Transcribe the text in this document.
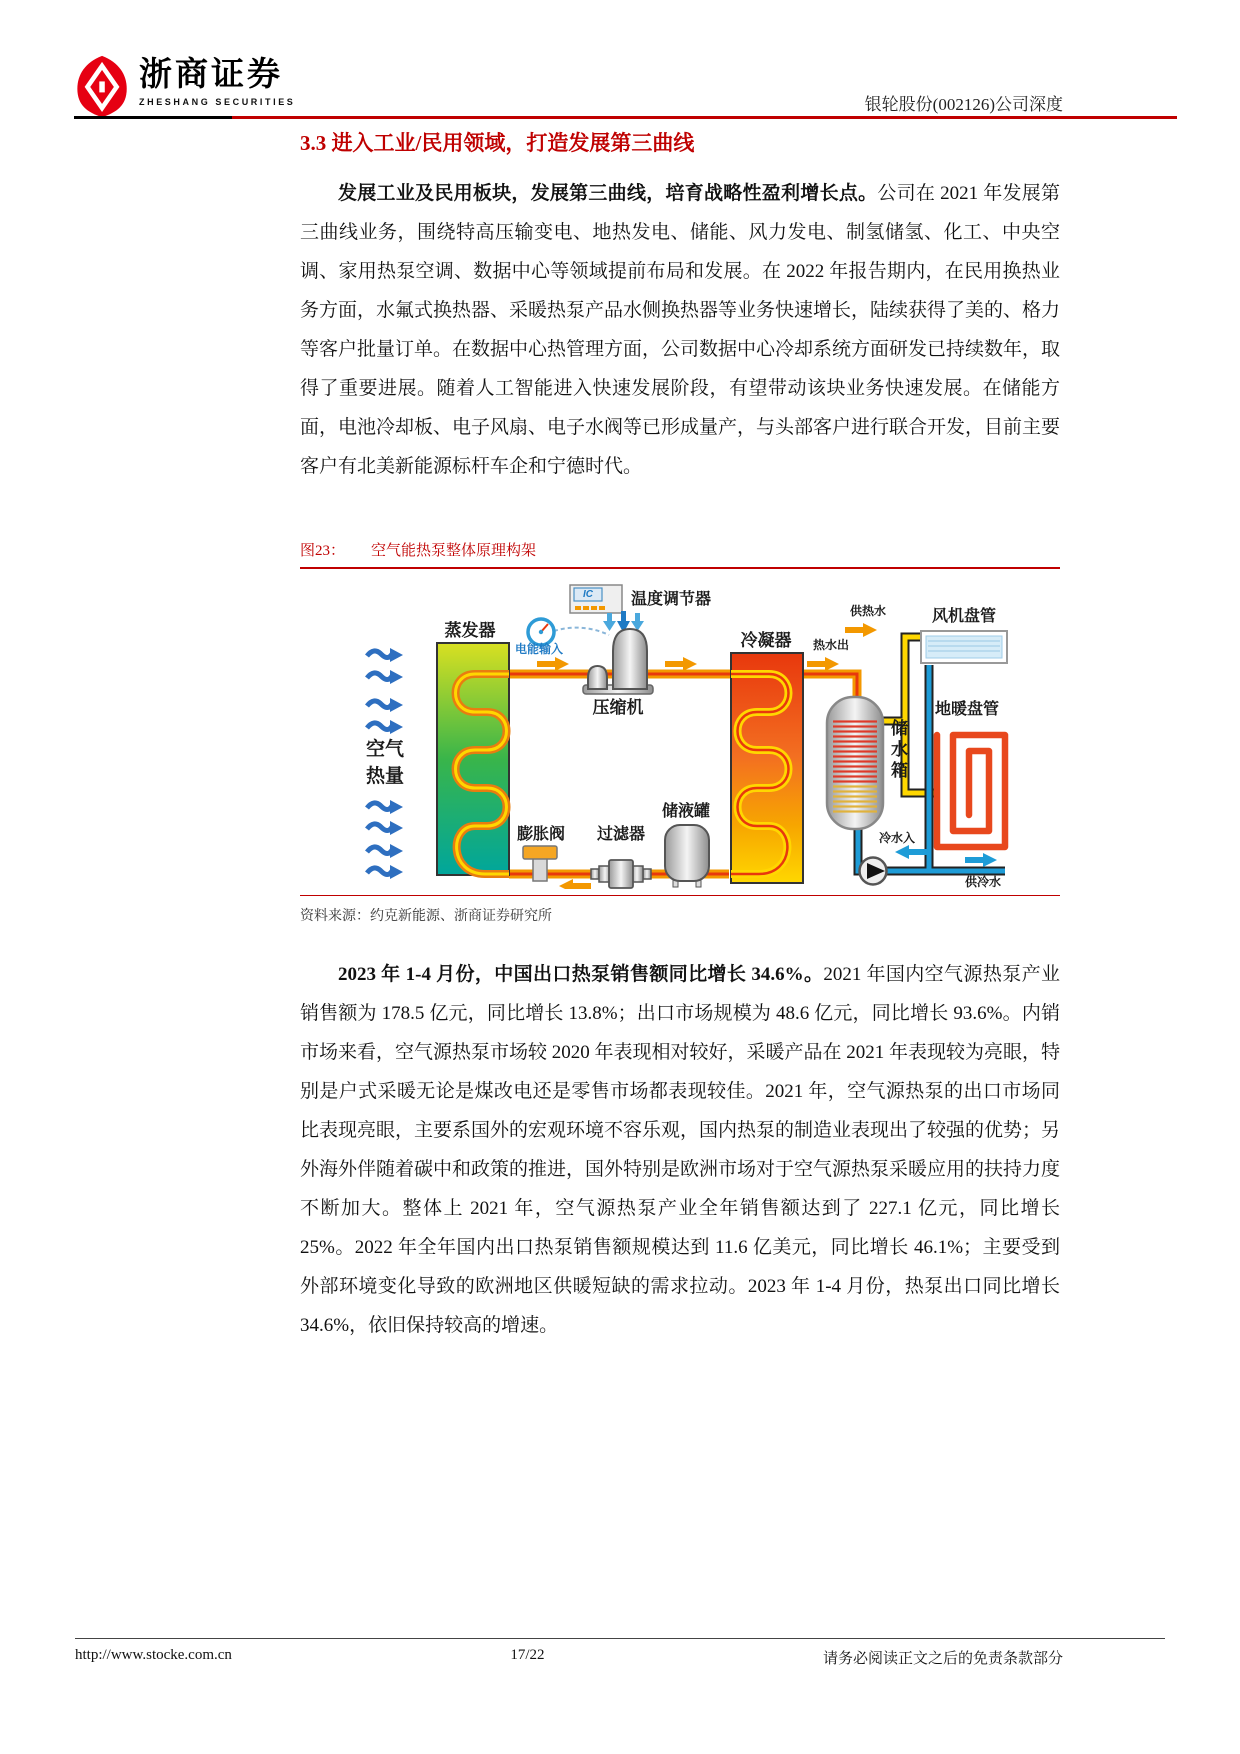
浙商证券
ZHESHANG SECURITIES	银轮股份(002126)公司深度
3.3 进入工业/民用领域，打造发展第三曲线

发展工业及民用板块，发展第三曲线，培育战略性盈利增长点。公司在 2021 年发展第三曲线业务，围绕特高压输变电、地热发电、储能、风力发电、制氢储氢、化工、中央空调、家用热泵空调、数据中心等领域提前布局和发展。在 2022 年报告期内，在民用换热业务方面，水氟式换热器、采暖热泵产品水侧换热器等业务快速增长，陆续获得了美的、格力等客户批量订单。在数据中心热管理方面，公司数据中心冷却系统方面研发已持续数年，取得了重要进展。随着人工智能进入快速发展阶段，有望带动该块业务快速发展。在储能方面，电池冷却板、电子风扇、电子水阀等已形成量产，与头部客户进行联合开发，目前主要客户有北美新能源标杆车企和宁德时代。

图23： 空气能热泵整体原理构架
蒸发器
空气
热量
电能输入
IC	温度调节器
压缩机
冷凝器	热水出
供热水	风机盘管
储水箱
地暖盘管
膨胀阀	过滤器
储液罐
冷水入
供冷水
资料来源：约克新能源、浙商证券研究所

2023 年 1-4 月份，中国出口热泵销售额同比增长 34.6%。2021 年国内空气源热泵产业销售额为 178.5 亿元，同比增长 13.8%；出口市场规模为 48.6 亿元，同比增长 93.6%。内销市场来看，空气源热泵市场较 2020 年表现相对较好，采暖产品在 2021 年表现较为亮眼，特别是户式采暖无论是煤改电还是零售市场都表现较佳。2021 年，空气源热泵的出口市场同比表现亮眼，主要系国外的宏观环境不容乐观，国内热泵的制造业表现出了较强的优势；另外海外伴随着碳中和政策的推进，国外特别是欧洲市场对于空气源热泵采暖应用的扶持力度不断加大。整体上 2021 年，空气源热泵产业全年销售额达到了 227.1 亿元，同比增长 25%。2022 年全年国内出口热泵销售额规模达到 11.6 亿美元，同比增长 46.1%；主要受到外部环境变化导致的欧洲地区供暖短缺的需求拉动。2023 年 1-4 月份，热泵出口同比增长 34.6%，依旧保持较高的增速。

http://www.stocke.com.cn	17/22	请务必阅读正文之后的免责条款部分
